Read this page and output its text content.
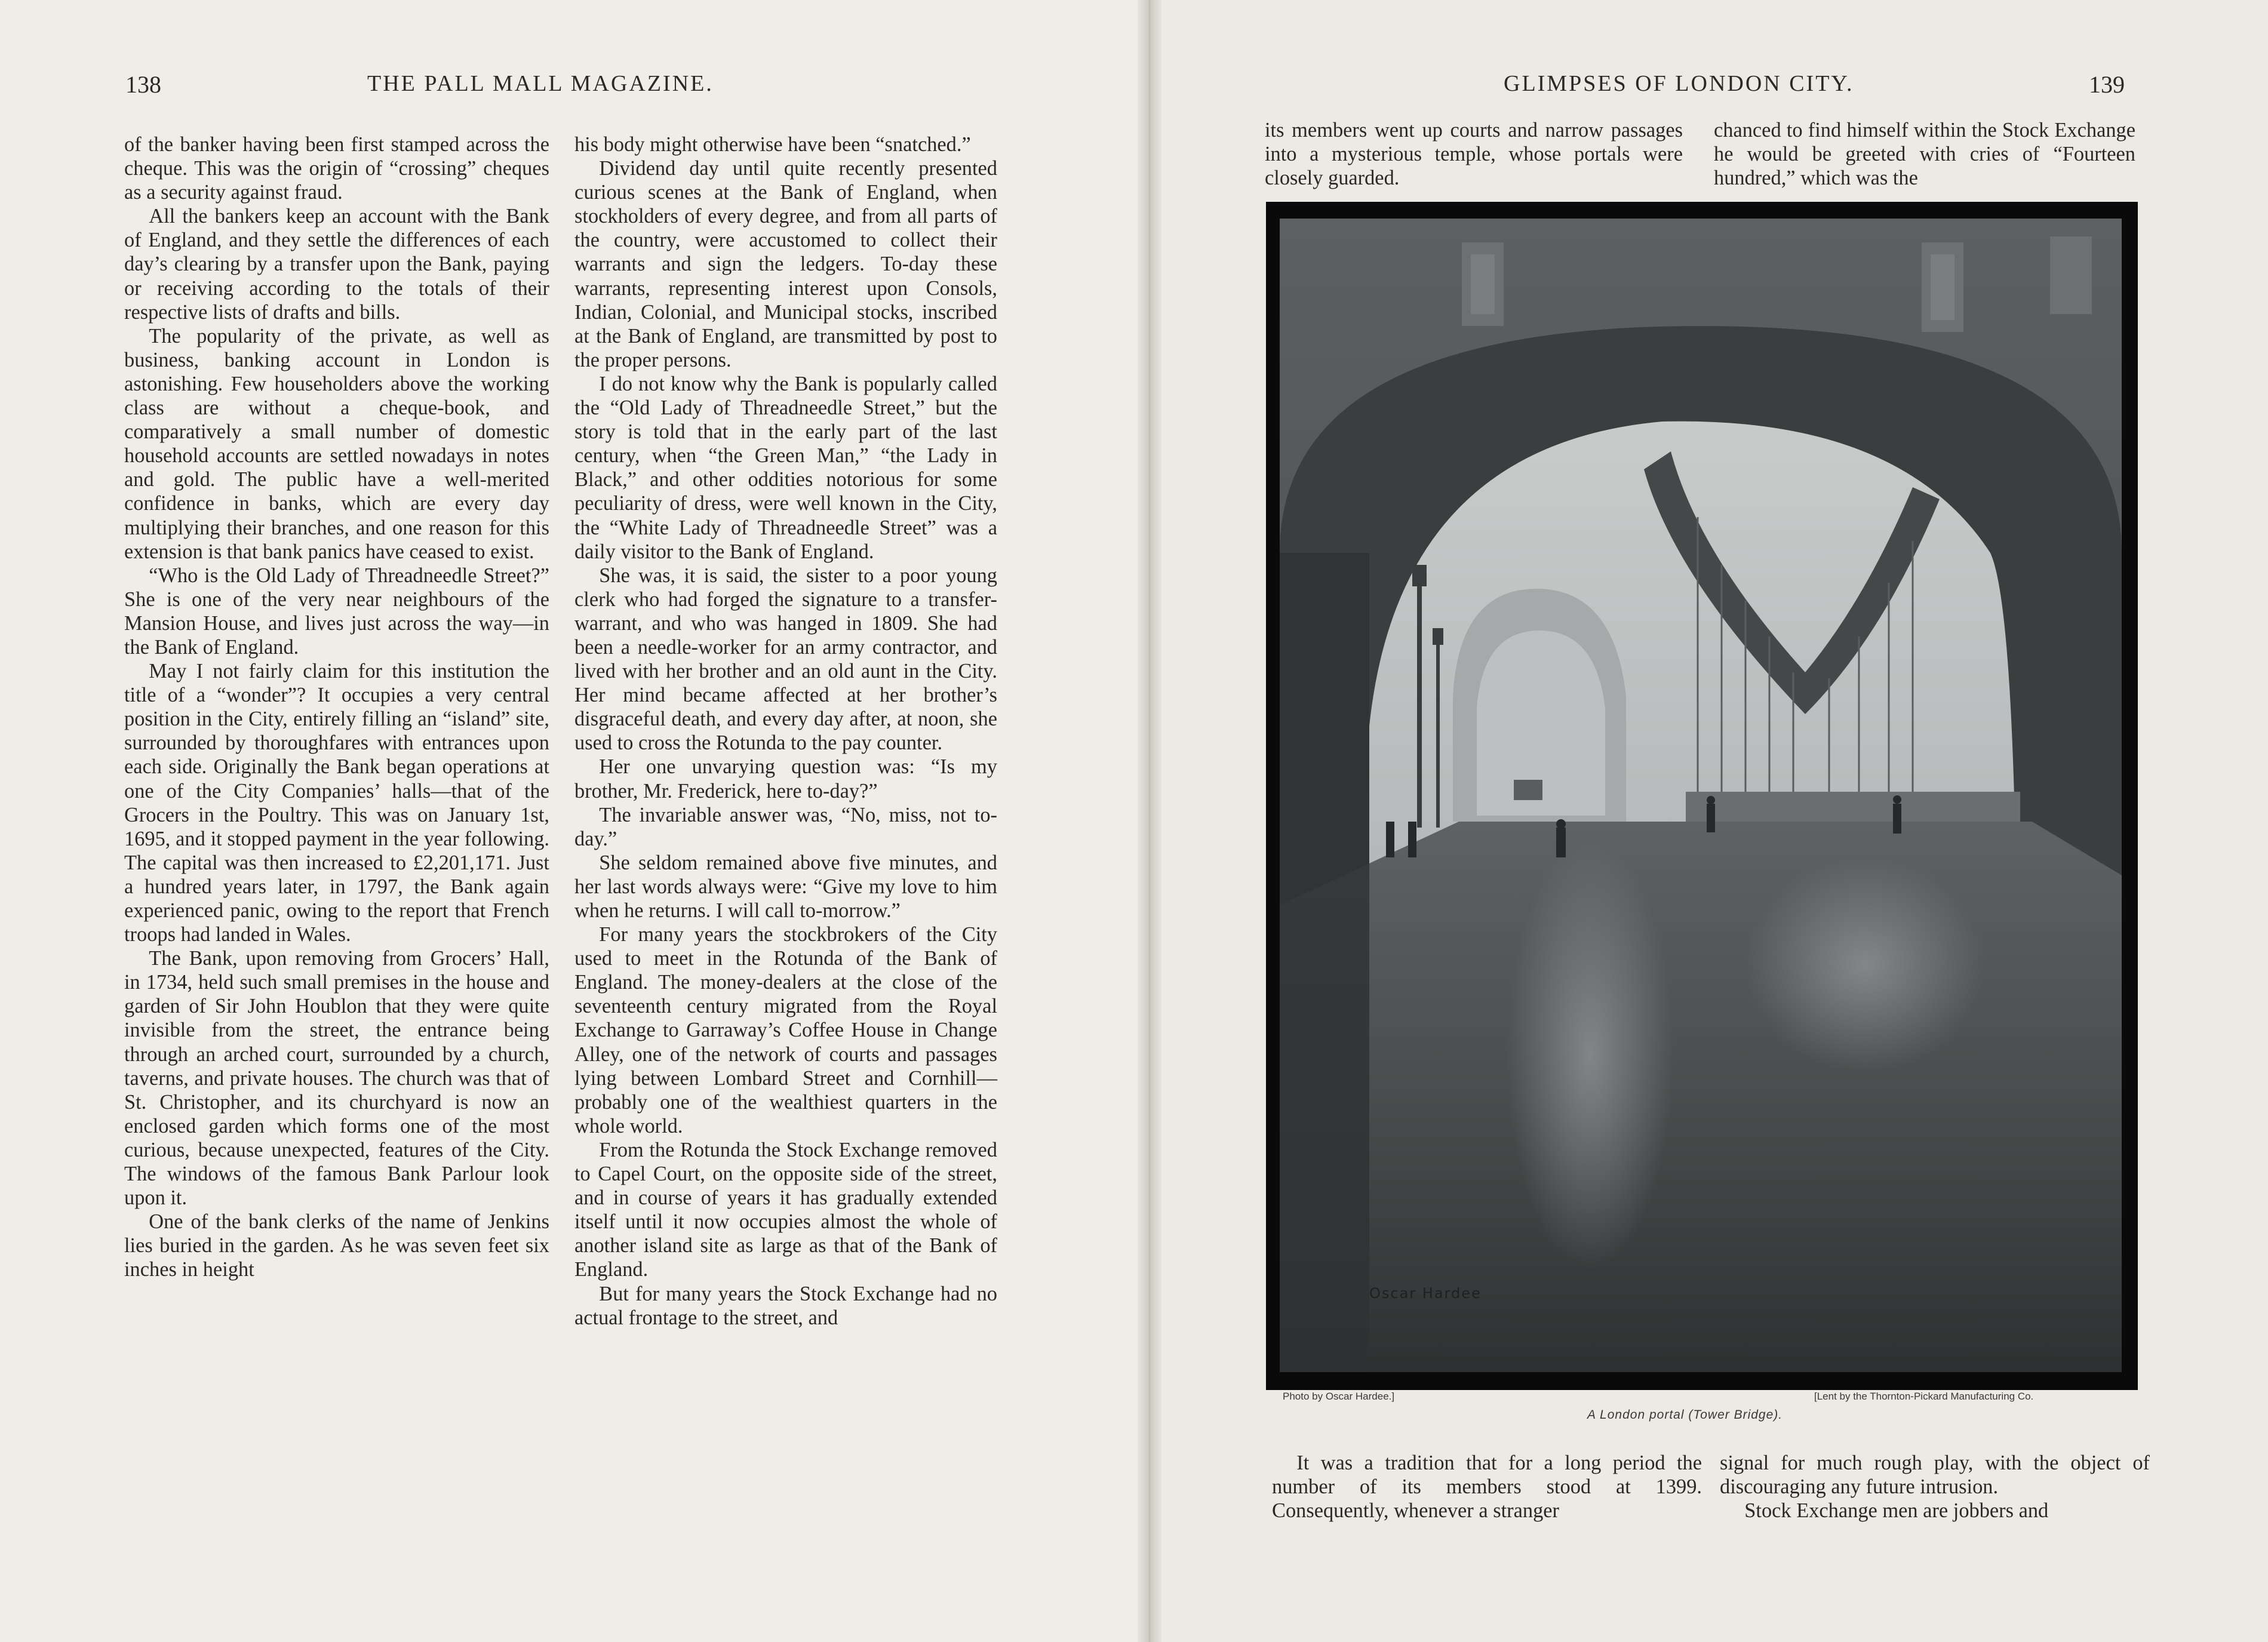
138	THE PALL MALL MAGAZINE.

of the banker having been first stamped across the cheque. This was the origin of “crossing” cheques as a security against fraud.

All the bankers keep an account with the Bank of England, and they settle the differences of each day’s clearing by a transfer upon the Bank, paying or receiving according to the totals of their respective lists of drafts and bills.

The popularity of the private, as well as business, banking account in London is astonishing. Few householders above the working class are without a cheque-book, and comparatively a small number of domestic household accounts are settled nowadays in notes and gold. The public have a well-merited confidence in banks, which are every day multiplying their branches, and one reason for this extension is that bank panics have ceased to exist.

“Who is the Old Lady of Threadneedle Street?” She is one of the very near neighbours of the Mansion House, and lives just across the way—in the Bank of England.

May I not fairly claim for this institution the title of a “wonder”? It occupies a very central position in the City, entirely filling an “island” site, surrounded by thoroughfares with entrances upon each side. Originally the Bank began operations at one of the City Companies’ halls—that of the Grocers in the Poultry. This was on January 1st, 1695, and it stopped payment in the year following. The capital was then increased to £2,201,171. Just a hundred years later, in 1797, the Bank again experienced panic, owing to the report that French troops had landed in Wales.

The Bank, upon removing from Grocers’ Hall, in 1734, held such small premises in the house and garden of Sir John Houblon that they were quite invisible from the street, the entrance being through an arched court, surrounded by a church, taverns, and private houses. The church was that of St. Christopher, and its churchyard is now an enclosed garden which forms one of the most curious, because unexpected, features of the City. The windows of the famous Bank Parlour look upon it.

One of the bank clerks of the name of Jenkins lies buried in the garden. As he was seven feet six inches in height

his body might otherwise have been “snatched.”

Dividend day until quite recently presented curious scenes at the Bank of England, when stockholders of every degree, and from all parts of the country, were accustomed to collect their warrants and sign the ledgers. To-day these warrants, representing interest upon Consols, Indian, Colonial, and Municipal stocks, inscribed at the Bank of England, are transmitted by post to the proper persons.

I do not know why the Bank is popularly called the “Old Lady of Threadneedle Street,” but the story is told that in the early part of the last century, when “the Green Man,” “the Lady in Black,” and other oddities notorious for some peculiarity of dress, were well known in the City, the “White Lady of Threadneedle Street” was a daily visitor to the Bank of England.

She was, it is said, the sister to a poor young clerk who had forged the signature to a transfer-warrant, and who was hanged in 1809. She had been a needle-worker for an army contractor, and lived with her brother and an old aunt in the City. Her mind became affected at her brother’s disgraceful death, and every day after, at noon, she used to cross the Rotunda to the pay counter.

Her one unvarying question was: “Is my brother, Mr. Frederick, here to-day?”

The invariable answer was, “No, miss, not to-day.”

She seldom remained above five minutes, and her last words always were: “Give my love to him when he returns. I will call to-morrow.”

For many years the stockbrokers of the City used to meet in the Rotunda of the Bank of England. The money-dealers at the close of the seventeenth century migrated from the Royal Exchange to Garraway’s Coffee House in Change Alley, one of the network of courts and passages lying between Lombard Street and Cornhill—probably one of the wealthiest quarters in the whole world.

From the Rotunda the Stock Exchange removed to Capel Court, on the opposite side of the street, and in course of years it has gradually extended itself until it now occupies almost the whole of another island site as large as that of the Bank of England.

But for many years the Stock Exchange had no actual frontage to the street, and

GLIMPSES OF LONDON CITY.	139

its members went up courts and narrow passages into a mysterious temple, whose portals were closely guarded.

chanced to find himself within the Stock Exchange he would be greeted with cries of “Fourteen hundred,” which was the

Oscar Hardee
Photo by Oscar Hardee.]	[Lent by the Thornton-Pickard Manufacturing Co.
A London portal (Tower Bridge).

It was a tradition that for a long period the number of its members stood at 1399. Consequently, whenever a stranger

signal for much rough play, with the object of discouraging any future intrusion.

Stock Exchange men are jobbers and
